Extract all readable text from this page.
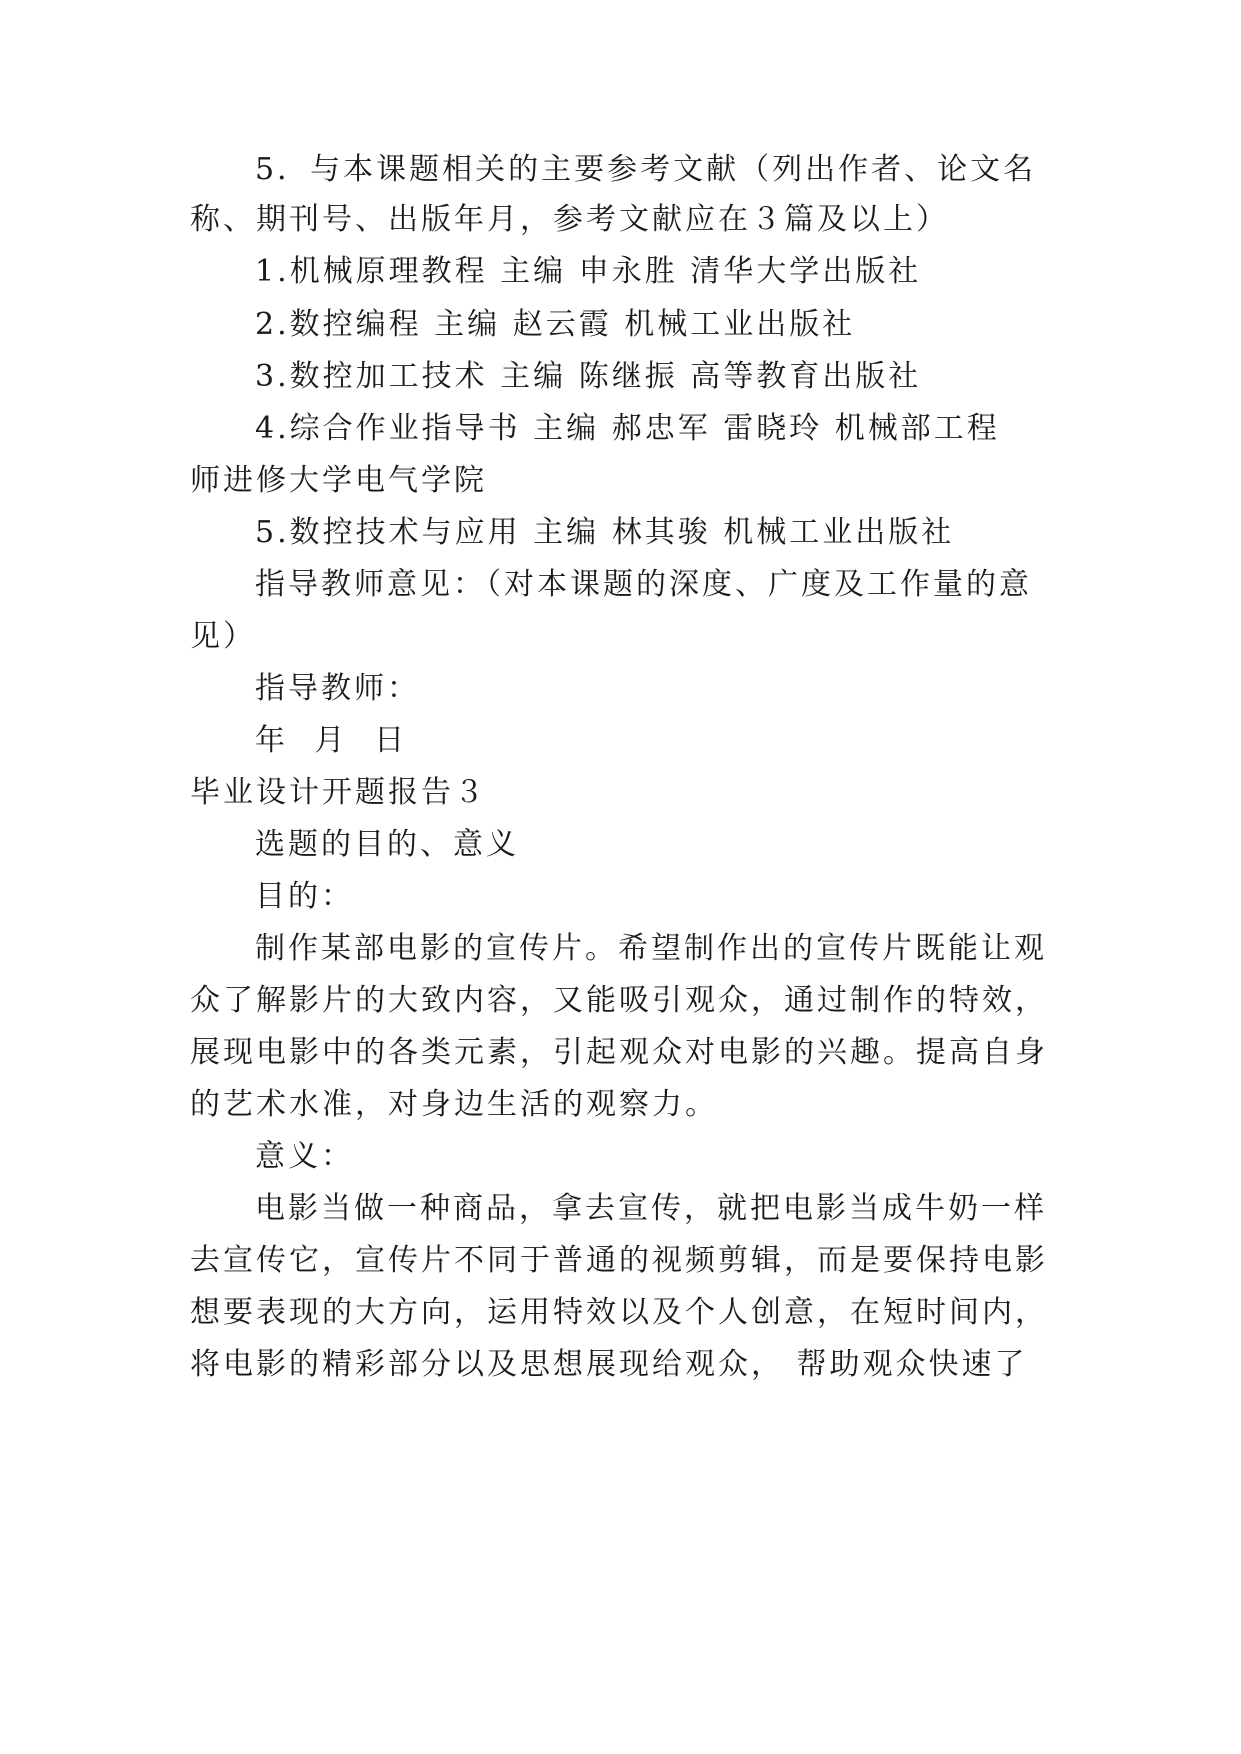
5．与本课题相关的主要参考文献（列出作者、论文名
称、期刊号、出版年月，参考文献应在３篇及以上）
1.机械原理教程 主编 申永胜 清华大学出版社
2.数控编程 主编 赵云霞 机械工业出版社
3.数控加工技术 主编 陈继振 高等教育出版社
4.综合作业指导书 主编 郝忠军 雷晓玲 机械部工程
师进修大学电气学院
5.数控技术与应用 主编 林其骏 机械工业出版社
指导教师意见：（对本课题的深度、广度及工作量的意
见）
指导教师：
年 月 日
毕业设计开题报告３
选题的目的、意义
目的：
制作某部电影的宣传片。希望制作出的宣传片既能让观
众了解影片的大致内容，又能吸引观众，通过制作的特效，
展现电影中的各类元素，引起观众对电影的兴趣。提高自身
的艺术水准，对身边生活的观察力。
意义：
电影当做一种商品，拿去宣传，就把电影当成牛奶一样
去宣传它，宣传片不同于普通的视频剪辑，而是要保持电影
想要表现的大方向，运用特效以及个人创意，在短时间内，
将电影的精彩部分以及思想展现给观众， 帮助观众快速了
